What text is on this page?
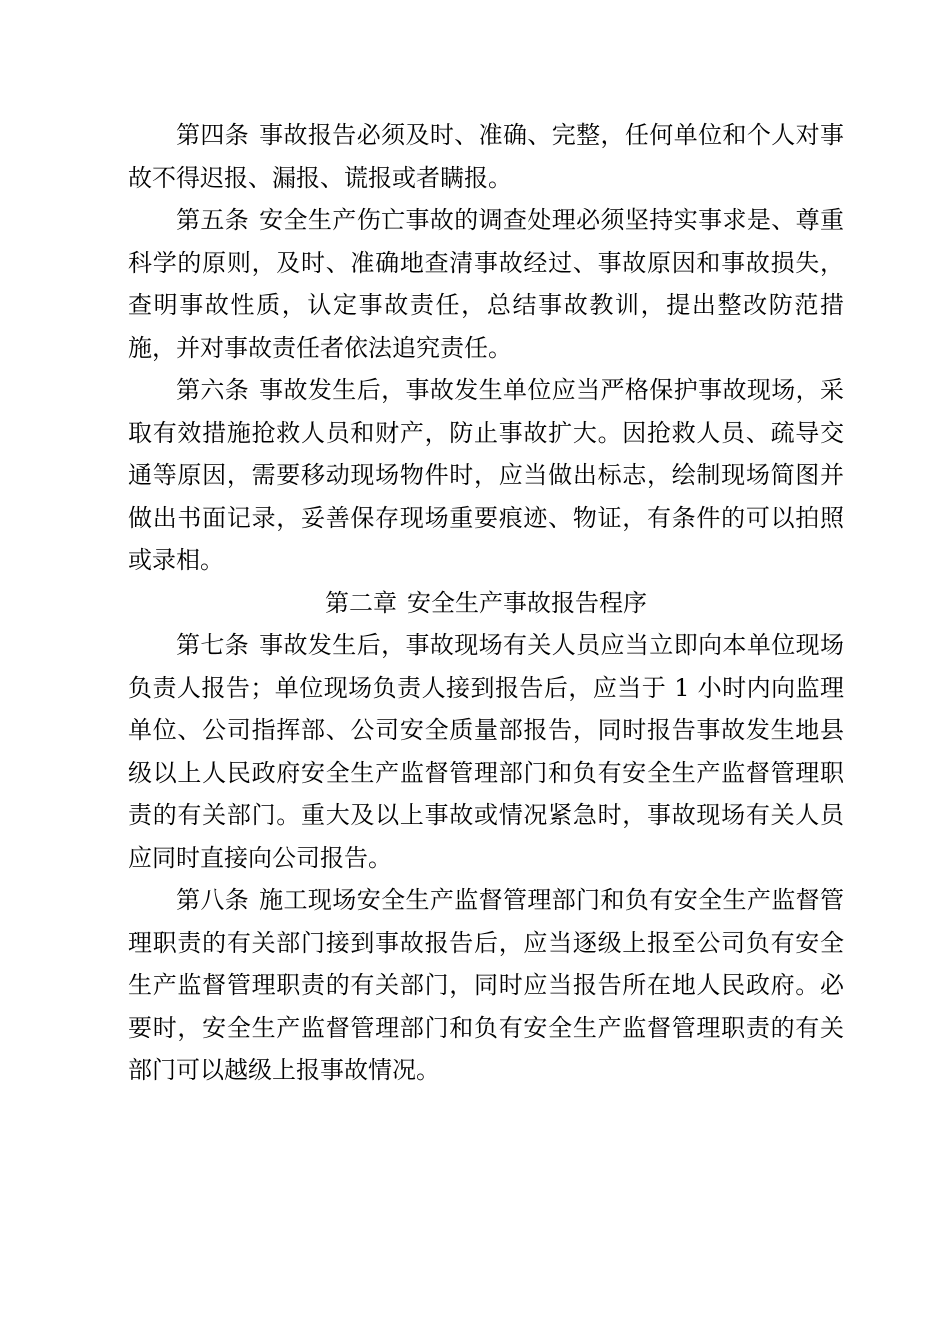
第四条 事故报告必须及时、准确、完整，任何单位和个人对事故不得迟报、漏报、谎报或者瞒报。

第五条 安全生产伤亡事故的调查处理必须坚持实事求是、尊重科学的原则，及时、准确地查清事故经过、事故原因和事故损失，查明事故性质，认定事故责任，总结事故教训，提出整改防范措施，并对事故责任者依法追究责任。

第六条 事故发生后，事故发生单位应当严格保护事故现场，采取有效措施抢救人员和财产，防止事故扩大。因抢救人员、疏导交通等原因，需要移动现场物件时，应当做出标志，绘制现场简图并做出书面记录，妥善保存现场重要痕迹、物证，有条件的可以拍照或录相。

第二章 安全生产事故报告程序

第七条 事故发生后，事故现场有关人员应当立即向本单位现场负责人报告；单位现场负责人接到报告后，应当于 1 小时内向监理单位、公司指挥部、公司安全质量部报告，同时报告事故发生地县级以上人民政府安全生产监督管理部门和负有安全生产监督管理职责的有关部门。重大及以上事故或情况紧急时，事故现场有关人员应同时直接向公司报告。

第八条 施工现场安全生产监督管理部门和负有安全生产监督管理职责的有关部门接到事故报告后，应当逐级上报至公司负有安全生产监督管理职责的有关部门，同时应当报告所在地人民政府。必要时，安全生产监督管理部门和负有安全生产监督管理职责的有关部门可以越级上报事故情况。
